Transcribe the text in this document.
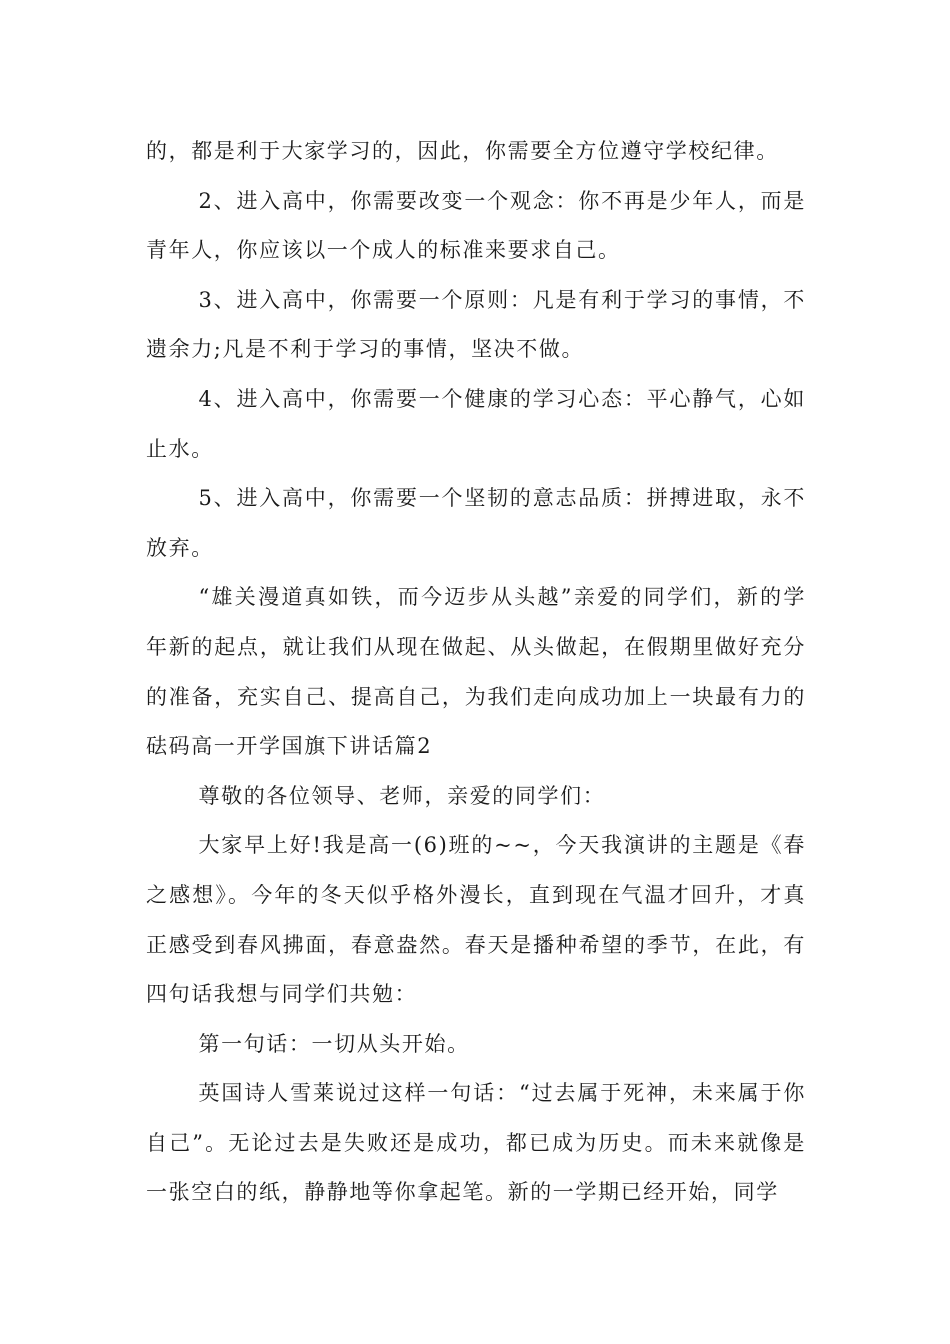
的，都是利于大家学习的，因此，你需要全方位遵守学校纪律。

2、进入高中，你需要改变一个观念：你不再是少年人，而是青年人，你应该以一个成人的标准来要求自己。

3、进入高中，你需要一个原则：凡是有利于学习的事情，不遗余力;凡是不利于学习的事情，坚决不做。

4、进入高中，你需要一个健康的学习心态：平心静气，心如止水。

5、进入高中，你需要一个坚韧的意志品质：拼搏进取，永不放弃。

“雄关漫道真如铁，而今迈步从头越”亲爱的同学们，新的学年新的起点，就让我们从现在做起、从头做起，在假期里做好充分的准备，充实自己、提高自己，为我们走向成功加上一块最有力的砝码高一开学国旗下讲话篇2

尊敬的各位领导、老师，亲爱的同学们：

大家早上好!我是高一(6)班的~~，今天我演讲的主题是《春之感想》。今年的冬天似乎格外漫长，直到现在气温才回升，才真正感受到春风拂面，春意盎然。春天是播种希望的季节，在此，有四句话我想与同学们共勉：

第一句话：一切从头开始。

英国诗人雪莱说过这样一句话：“过去属于死神，未来属于你自己”。无论过去是失败还是成功，都已成为历史。而未来就像是一张空白的纸，静静地等你拿起笔。新的一学期已经开始，同学
